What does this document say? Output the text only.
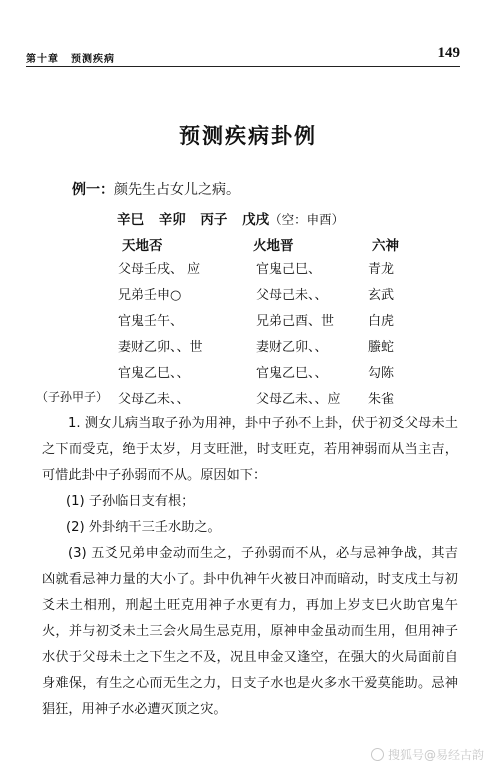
第十章 预测疾病	149
预测疾病卦例
例一：颜先生占女儿之病。
辛巳 辛卯 丙子 戊戌（空：申酉）
天地否	火地晋	六神
父母壬戌、 应	官鬼己巳、	青龙
兄弟壬申○	父母己未、、	玄武
官鬼壬午、	兄弟己酉、世	白虎
妻财乙卯、、世	妻财乙卯、、	螣蛇
官鬼乙巳、、	官鬼乙巳、、	勾陈
（子孙甲子） 父母乙未、、	父母乙未、、应 朱雀
1. 测女儿病当取子孙为用神，卦中子孙不上卦，伏于初爻父母未土之下而受克，绝于太岁，月支旺泄，时支旺克，若用神弱而从当主吉，可惜此卦中子孙弱而不从。原因如下：
(1) 子孙临日支有根；
(2) 外卦纳干三壬水助之。
(3) 五爻兄弟申金动而生之，子孙弱而不从，必与忌神争战，其吉凶就看忌神力量的大小了。卦中仇神午火被日冲而暗动，时支戌土与初爻未土相刑，刑起土旺克用神子水更有力，再加上岁支巳火助官鬼午火，并与初爻未土三会火局生忌克用，原神申金虽动而生用，但用神子水伏于父母未土之下生之不及，况且申金又逢空，在强大的火局面前自身难保，有生之心而无生之力，日支子水也是火多水干爱莫能助。忌神猖狂，用神子水必遭灭顶之灾。
搜狐号@易经古韵
